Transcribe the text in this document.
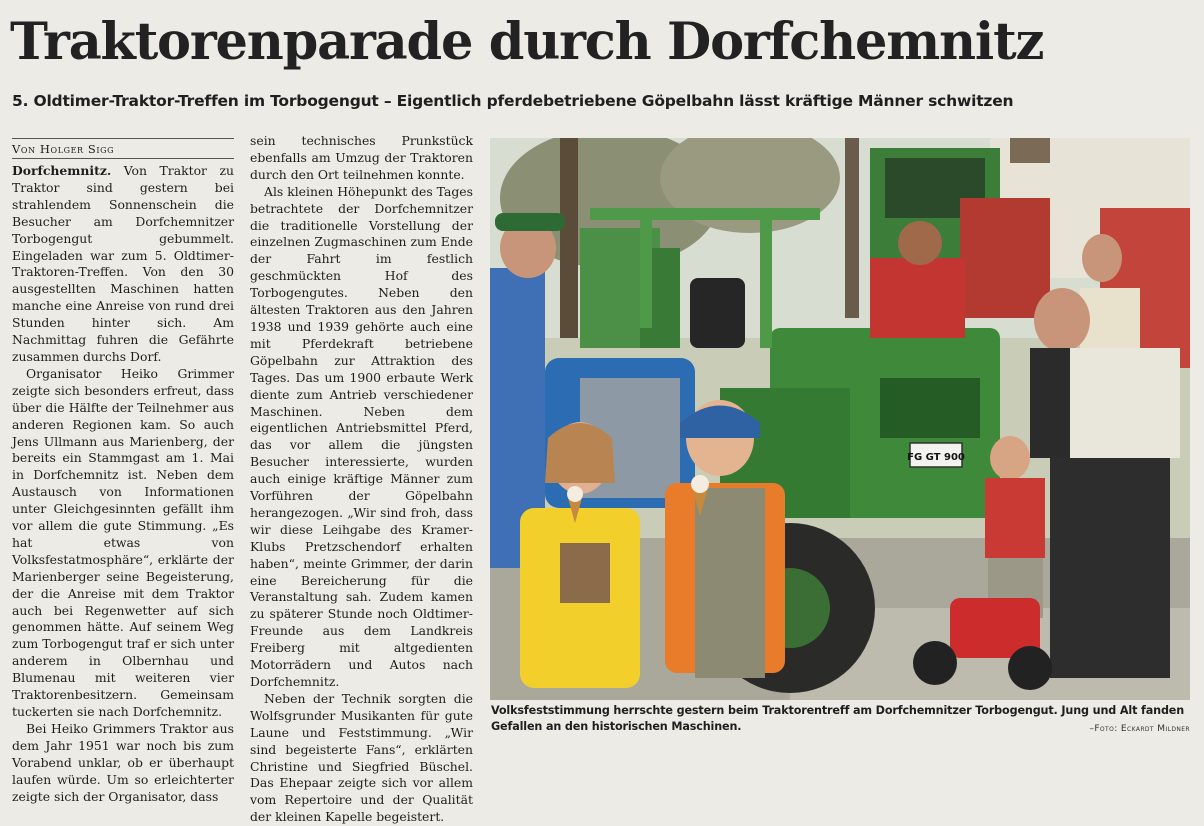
Traktorenparade durch Dorfchemnitz
5. Oldtimer-Traktor-Treffen im Torbogengut – Eigentlich pferdebetriebene Göpelbahn lässt kräftige Männer schwitzen
Von Holger Sigg

Dorfchemnitz. Von Traktor zu Traktor sind gestern bei strahlendem Sonnenschein die Besucher am Dorfchemnitzer Torbogengut gebummelt. Eingeladen war zum 5. Oldtimer-Traktoren-Treffen. Von den 30 ausgestellten Maschinen hatten manche eine Anreise von rund drei Stunden hinter sich. Am Nachmittag fuhren die Gefährte zusammen durchs Dorf.

Organisator Heiko Grimmer zeigte sich besonders erfreut, dass über die Hälfte der Teilnehmer aus anderen Regionen kam. So auch Jens Ullmann aus Marienberg, der bereits ein Stammgast am 1. Mai in Dorfchemnitz ist. Neben dem Austausch von Informationen unter Gleichgesinnten gefällt ihm vor allem die gute Stimmung. „Es hat etwas von Volksfestatmosphäre“, erklärte der Marienberger seine Begeisterung, der die Anreise mit dem Traktor auch bei Regenwetter auf sich genommen hätte. Auf seinem Weg zum Torbogengut traf er sich unter anderem in Olbernhau und Blumenau mit weiteren vier Traktorenbesitzern. Gemeinsam tuckerten sie nach Dorfchemnitz.

Bei Heiko Grimmers Traktor aus dem Jahr 1951 war noch bis zum Vorabend unklar, ob er überhaupt laufen würde. Um so erleichterter zeigte sich der Organisator, dass

sein technisches Prunkstück ebenfalls am Umzug der Traktoren durch den Ort teilnehmen konnte.

Als kleinen Höhepunkt des Tages betrachtete der Dorfchemnitzer die traditionelle Vorstellung der einzelnen Zugmaschinen zum Ende der Fahrt im festlich geschmückten Hof des Torbogengutes. Neben den ältesten Traktoren aus den Jahren 1938 und 1939 gehörte auch eine mit Pferdekraft betriebene Göpelbahn zur Attraktion des Tages. Das um 1900 erbaute Werk diente zum Antrieb verschiedener Maschinen. Neben dem eigentlichen Antriebsmittel Pferd, das vor allem die jüngsten Besucher interessierte, wurden auch einige kräftige Männer zum Vorführen der Göpelbahn herangezogen. „Wir sind froh, dass wir diese Leihgabe des Kramer-Klubs Pretzschendorf erhalten haben“, meinte Grimmer, der darin eine Bereicherung für die Veranstaltung sah. Zudem kamen zu späterer Stunde noch Oldtimer-Freunde aus dem Landkreis Freiberg mit altgedienten Motorrädern und Autos nach Dorfchemnitz.

Neben der Technik sorgten die Wolfsgrunder Musikanten für gute Laune und Feststimmung. „Wir sind begeisterte Fans“, erklärten Christine und Siegfried Büschel. Das Ehepaar zeigte sich vor allem vom Repertoire und der Qualität der kleinen Kapelle begeistert.

FG GT 900
Volksfeststimmung herrschte gestern beim Traktorentreff am Dorfchemnitzer Torbogengut. Jung und Alt fanden Gefallen an den historischen Maschinen.	–Foto: Eckardt Mildner
